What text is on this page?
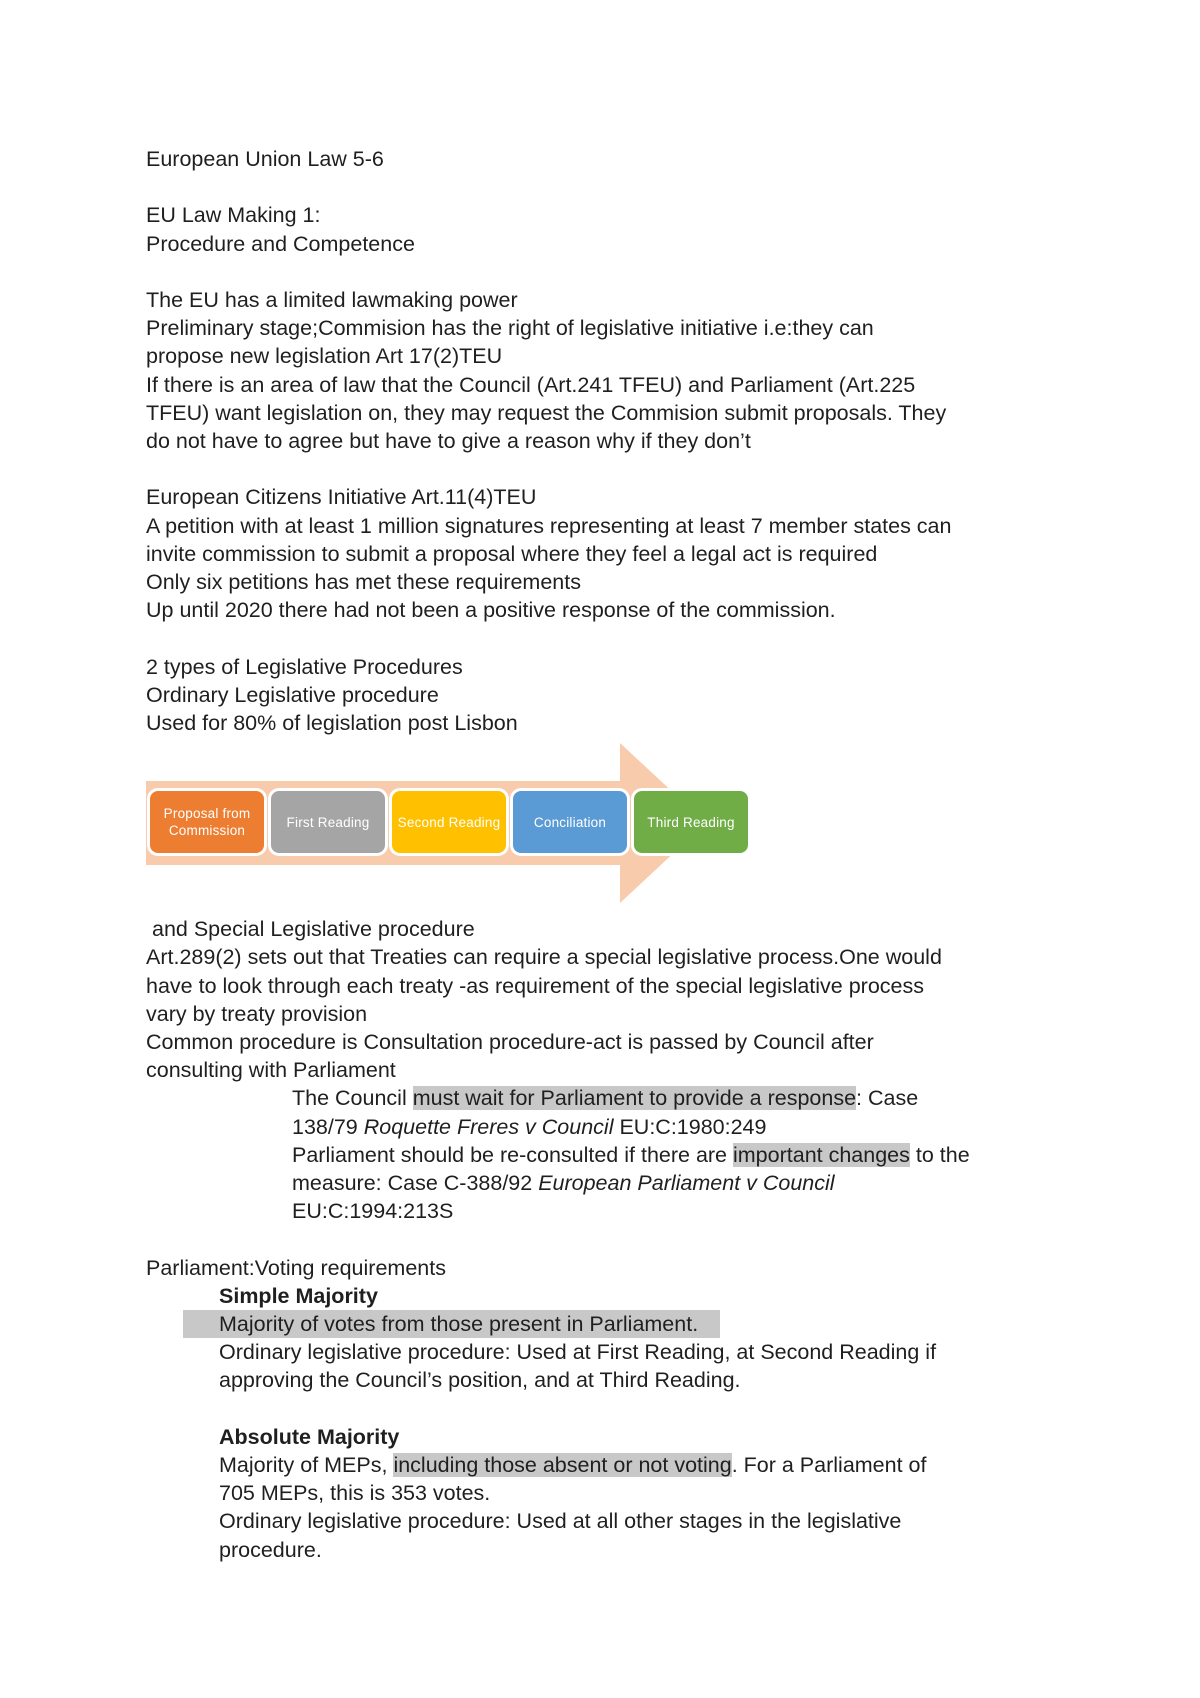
European Union Law 5-6
EU Law Making 1:
Procedure and Competence
The EU has a limited lawmaking power
Preliminary stage;Commision has the right of legislative initiative i.e:they can
propose new legislation Art 17(2)TEU
If there is an area of law that the Council (Art.241 TFEU) and Parliament (Art.225
TFEU) want legislation on, they may request the Commision submit proposals. They
do not have to agree but have to give a reason why if they don’t
European Citizens Initiative Art.11(4)TEU
A petition with at least 1 million signatures representing at least 7 member states can
invite commission to submit a proposal where they feel a legal act is required
Only six petitions has met these requirements
Up until 2020 there had not been a positive response of the commission.
2 types of Legislative Procedures
Ordinary Legislative procedure
Used for 80% of legislation post Lisbon
Proposal from Commission
First Reading	Second Reading	Conciliation	Third Reading
and Special Legislative procedure
Art.289(2) sets out that Treaties can require a special legislative process.One would
have to look through each treaty -as requirement of the special legislative process
vary by treaty provision
Common procedure is Consultation procedure-act is passed by Council after
consulting with Parliament
The Council must wait for Parliament to provide a response: Case
138/79 Roquette Freres v Council EU:C:1980:249
Parliament should be re-consulted if there are important changes to the
measure: Case C-388/92 European Parliament v Council
EU:C:1994:213S
Parliament:Voting requirements
Simple Majority
Majority of votes from those present in Parliament.
Ordinary legislative procedure: Used at First Reading, at Second Reading if
approving the Council’s position, and at Third Reading.
Absolute Majority
Majority of MEPs, including those absent or not voting. For a Parliament of
705 MEPs, this is 353 votes.
Ordinary legislative procedure: Used at all other stages in the legislative
procedure.
